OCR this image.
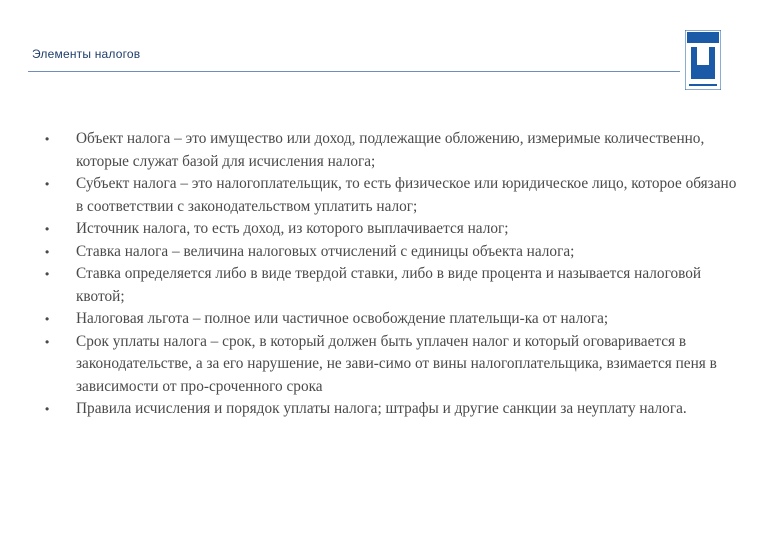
Элементы налогов
• Объект налога – это имущество или доход, подлежащие обложению, измеримые количественно, которые служат базой для исчисления налога;
• Субъект налога – это налогоплательщик, то есть физическое или юридическое лицо, которое обязано в соответствии с законодательством уплатить налог;
• Источник налога, то есть доход, из которого выплачивается налог;
• Ставка налога – величина налоговых отчислений с единицы объекта налога;
• Ставка определяется либо в виде твердой ставки, либо в виде процента и называется налоговой квотой;
• Налоговая льгота – полное или частичное освобождение плательщи-ка от налога;
• Срок уплаты налога – срок, в который должен быть уплачен налог и который оговаривается в законодательстве, а за его нарушение, не зави-симо от вины налогоплательщика, взимается пеня в зависимости от про-сроченного срока
• Правила исчисления и порядок уплаты налога; штрафы и другие санкции за неуплату налога.
